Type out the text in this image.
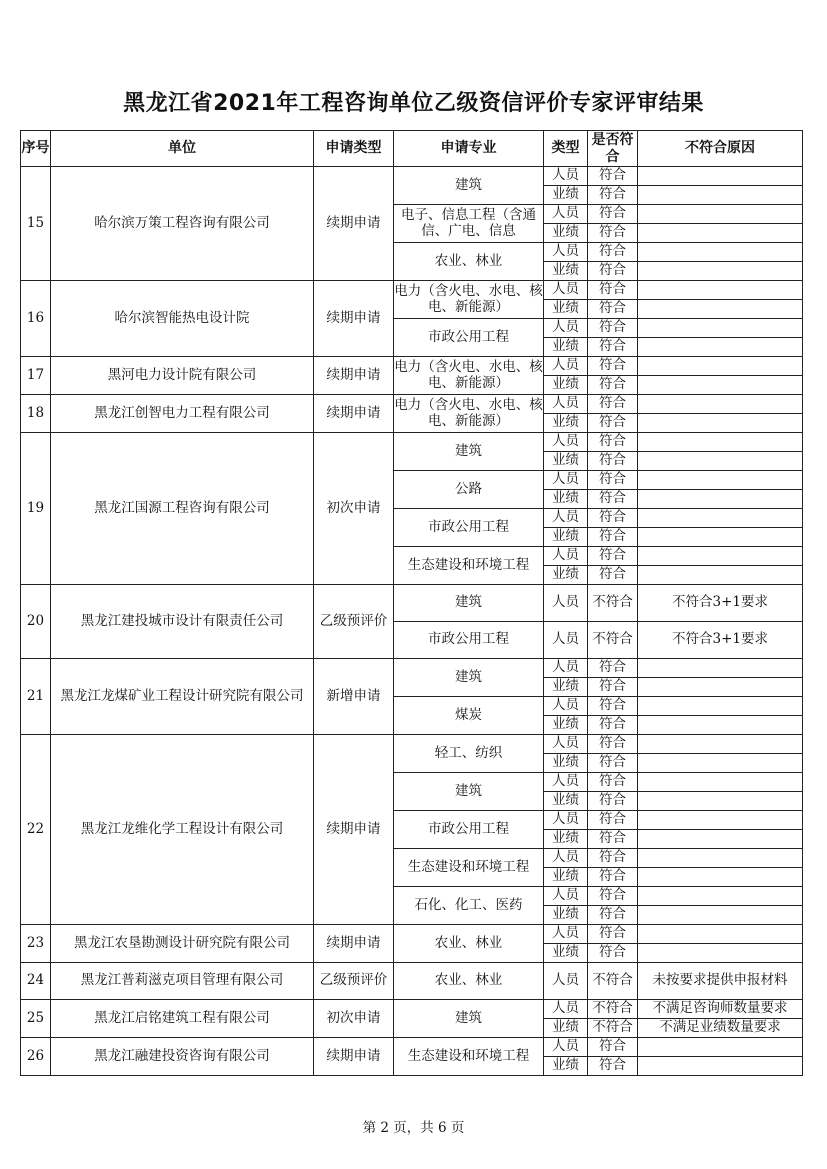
黑龙江省2021年工程咨询单位乙级资信评价专家评审结果
序号	单位	申请类型	申请专业	类型	是否符合	不符合原因
15	哈尔滨万策工程咨询有限公司	续期申请	建筑	人员	符合	
				业绩	符合	
			电子、信息工程（含通信、广电、信息	人员	符合	
				业绩	符合	
			农业、林业	人员	符合	
				业绩	符合	
16	哈尔滨智能热电设计院	续期申请	电力（含火电、水电、核电、新能源）	人员	符合	
				业绩	符合	
			市政公用工程	人员	符合	
				业绩	符合	
17	黑河电力设计院有限公司	续期申请	电力（含火电、水电、核电、新能源）	人员	符合	
				业绩	符合	
18	黑龙江创智电力工程有限公司	续期申请	电力（含火电、水电、核电、新能源）	人员	符合	
				业绩	符合	
19	黑龙江国源工程咨询有限公司	初次申请	建筑	人员	符合	
				业绩	符合	
			公路	人员	符合	
				业绩	符合	
			市政公用工程	人员	符合	
				业绩	符合	
			生态建设和环境工程	人员	符合	
				业绩	符合	
20	黑龙江建投城市设计有限责任公司	乙级预评价	建筑	人员	不符合	不符合3+1要求
			市政公用工程	人员	不符合	不符合3+1要求
21	黑龙江龙煤矿业工程设计研究院有限公司	新增申请	建筑	人员	符合	
				业绩	符合	
			煤炭	人员	符合	
				业绩	符合	
22	黑龙江龙维化学工程设计有限公司	续期申请	轻工、纺织	人员	符合	
				业绩	符合	
			建筑	人员	符合	
				业绩	符合	
			市政公用工程	人员	符合	
				业绩	符合	
			生态建设和环境工程	人员	符合	
				业绩	符合	
			石化、化工、医药	人员	符合	
				业绩	符合	
23	黑龙江农垦勘测设计研究院有限公司	续期申请	农业、林业	人员	符合	
				业绩	符合	
24	黑龙江普莉滋克项目管理有限公司	乙级预评价	农业、林业	人员	不符合	未按要求提供申报材料
25	黑龙江启铭建筑工程有限公司	初次申请	建筑	人员	不符合	不满足咨询师数量要求
				业绩	不符合	不满足业绩数量要求
26	黑龙江融建投资咨询有限公司	续期申请	生态建设和环境工程	人员	符合	
				业绩	符合	
第 2 页，共 6 页
